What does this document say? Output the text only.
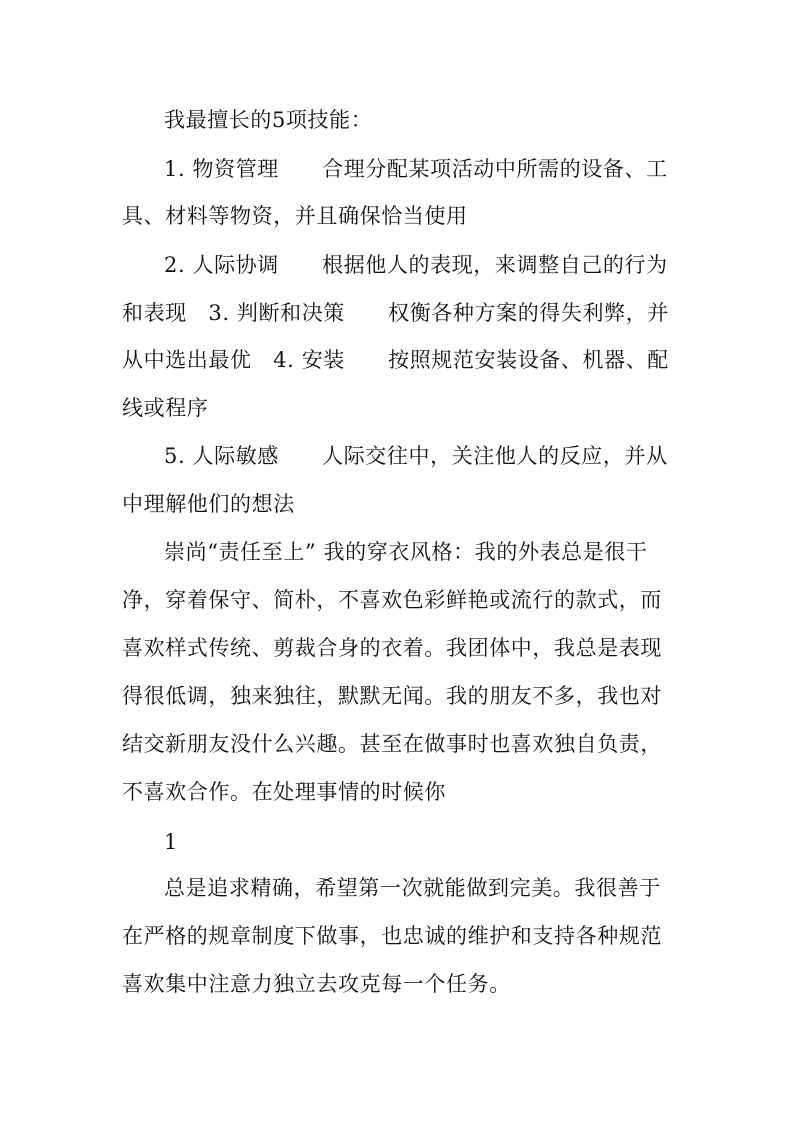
我最擅长的5项技能：
1. 物资管理　　合理分配某项活动中所需的设备、工
具、材料等物资，并且确保恰当使用
2. 人际协调　　根据他人的表现，来调整自己的行为
和表现　3. 判断和决策　　权衡各种方案的得失利弊，并
从中选出最优　4. 安装　　按照规范安装设备、机器、配
线或程序
5. 人际敏感　　人际交往中，关注他人的反应，并从
中理解他们的想法
崇尚“责任至上” 我的穿衣风格：我的外表总是很干
净，穿着保守、简朴，不喜欢色彩鲜艳或流行的款式，而
喜欢样式传统、剪裁合身的衣着。我团体中，我总是表现
得很低调，独来独往，默默无闻。我的朋友不多，我也对
结交新朋友没什么兴趣。甚至在做事时也喜欢独自负责，
不喜欢合作。在处理事情的时候你
1
总是追求精确，希望第一次就能做到完美。我很善于
在严格的规章制度下做事，也忠诚的维护和支持各种规范
喜欢集中注意力独立去攻克每一个任务。
